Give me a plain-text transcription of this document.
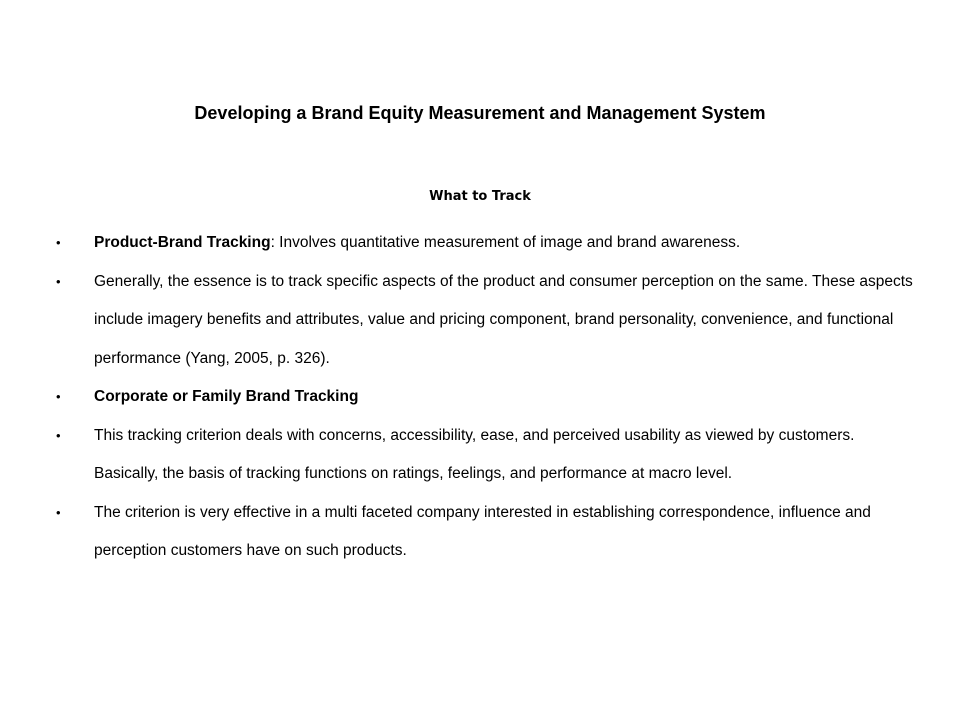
Developing a Brand Equity Measurement and Management System
What to Track
• Product-Brand Tracking: Involves quantitative measurement of image and brand awareness.
• Generally, the essence is to track specific aspects of the product and consumer perception on the same. These aspects include imagery benefits and attributes, value and pricing component, brand personality, convenience, and functional performance (Yang, 2005, p. 326).
• Corporate or Family Brand Tracking
• This tracking criterion deals with concerns, accessibility, ease, and perceived usability as viewed by customers. Basically, the basis of tracking functions on ratings, feelings, and performance at macro level.
• The criterion is very effective in a multi faceted company interested in establishing correspondence, influence and perception customers have on such products.
